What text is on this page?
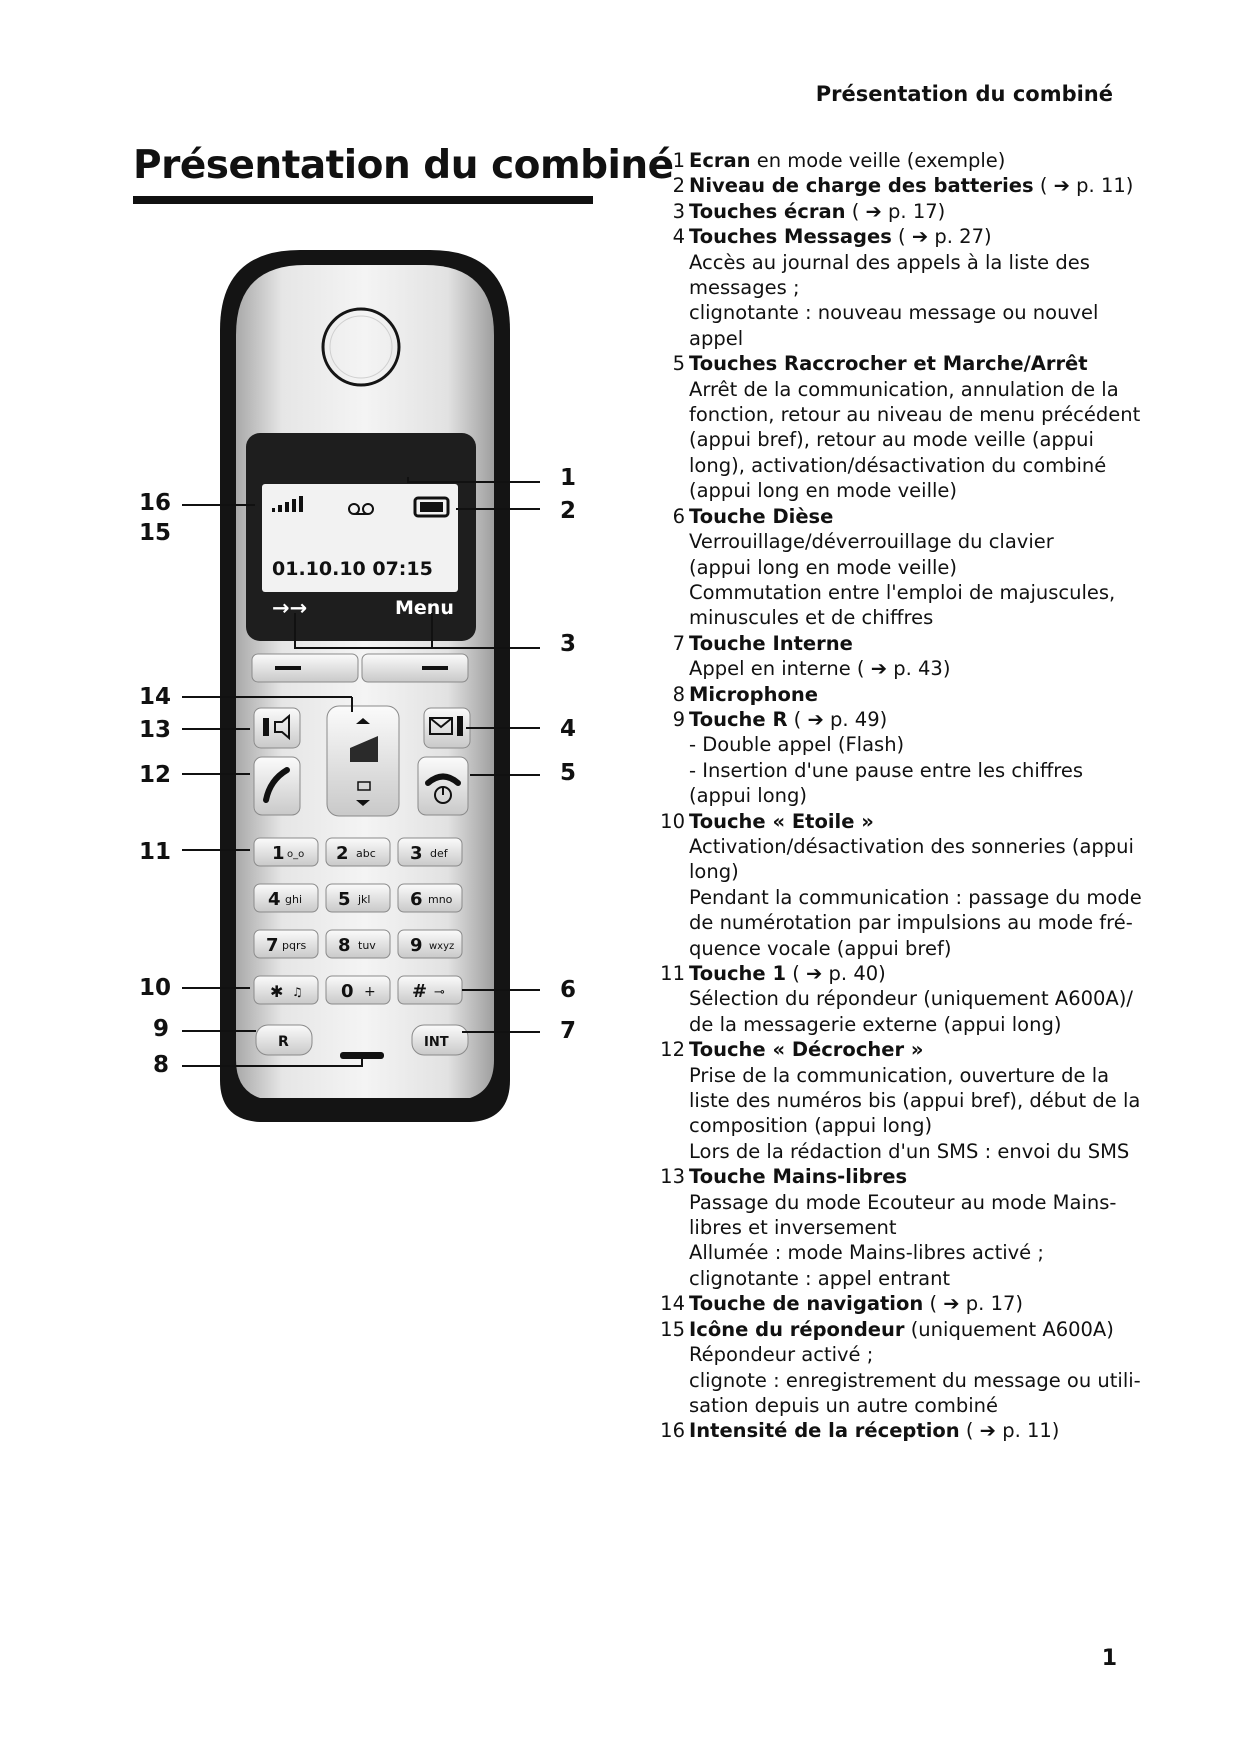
Présentation du combiné
Présentation du combiné
01.10.10 07:15
→→	Menu
1 o_o 2 abc 3 def
4 ghi 5 jkl 6 mno
7 pqrs 8 tuv 9 wxyz
✱ ♫ 0 + # ⊸
R	INT
1
2
3
4
5
6
7
8
9
10
11
12
13
14
15
16
1 Ecran en mode veille (exemple)
2 Niveau de charge des batteries ( ➔ p. 11)
3 Touches écran ( ➔ p. 17)
4 Touches Messages ( ➔ p. 27)
Accès au journal des appels à la liste des
messages ;
clignotante : nouveau message ou nouvel
appel
5 Touches Raccrocher et Marche/Arrêt
Arrêt de la communication, annulation de la
fonction, retour au niveau de menu précédent
(appui bref), retour au mode veille (appui
long), activation/désactivation du combiné
(appui long en mode veille)
6 Touche Dièse
Verrouillage/déverrouillage du clavier
(appui long en mode veille)
Commutation entre l'emploi de majuscules,
minuscules et de chiffres
7 Touche Interne
Appel en interne ( ➔ p. 43)
8 Microphone
9 Touche R ( ➔ p. 49)
- Double appel (Flash)
- Insertion d'une pause entre les chiffres
(appui long)
10 Touche « Etoile »
Activation/désactivation des sonneries (appui
long)
Pendant la communication : passage du mode
de numérotation par impulsions au mode fré-
quence vocale (appui bref)
11 Touche 1 ( ➔ p. 40)
Sélection du répondeur (uniquement A600A)/
de la messagerie externe (appui long)
12 Touche « Décrocher »
Prise de la communication, ouverture de la
liste des numéros bis (appui bref), début de la
composition (appui long)
Lors de la rédaction d'un SMS : envoi du SMS
13 Touche Mains-libres
Passage du mode Ecouteur au mode Mains-
libres et inversement
Allumée : mode Mains-libres activé ;
clignotante : appel entrant
14 Touche de navigation ( ➔ p. 17)
15 Icône du répondeur (uniquement A600A)
Répondeur activé ;
clignote : enregistrement du message ou utili-
sation depuis un autre combiné
16 Intensité de la réception ( ➔ p. 11)
1
